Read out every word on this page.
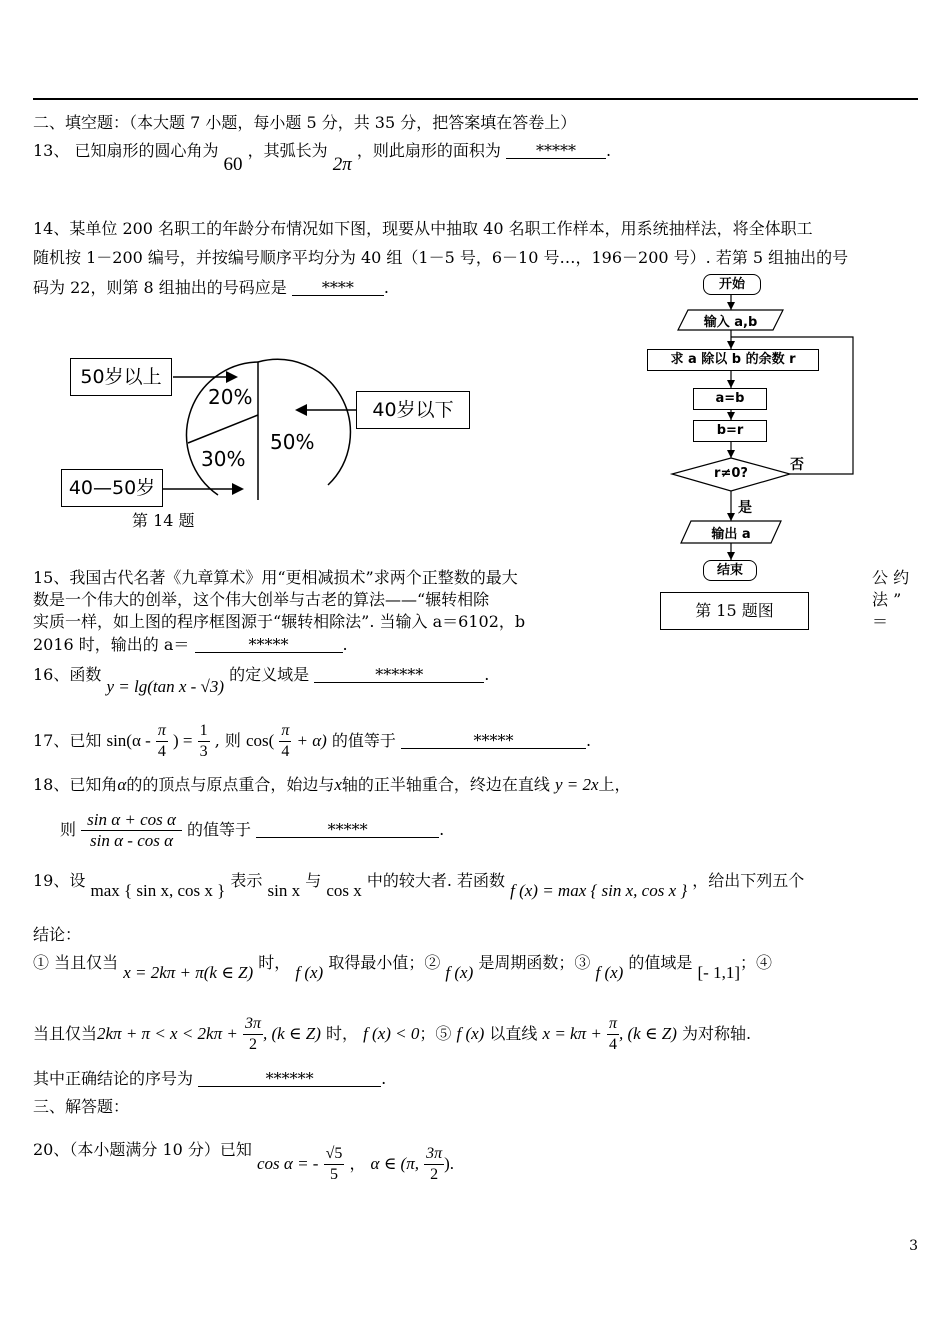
二、填空题：（本大题 7 小题，每小题 5 分，共 35 分，把答案填在答卷上）
13、 已知扇形的圆心角为 60 ，其弧长为 2π ，则此扇形的面积为 ***** .
14、某单位 200 名职工的年龄分布情况如下图，现要从中抽取 40 名职工作样本，用系统抽样法，将全体职工
随机按 1－200 编号，并按编号顺序平均分为 40 组（1－5 号，6－10 号…，196－200 号）. 若第 5 组抽出的号
码为 22，则第 8 组抽出的号码应是 **** .
50岁以上
40岁以下
40—50岁
20%
30%
50%
第 14 题
开始
输入 a,b
求 a 除以 b 的余数 r
a=b
b=r
r≠0?
否
是
输出 a
结束
第 15 题图
15、我国古代名著《九章算术》用“更相减损术”求两个正整数的最大	公 约
数是一个伟大的创举，这个伟大创举与古老的算法——“辗转相除	法 ”
实质一样，如上图的程序框图源于“辗转相除法”. 当输入 a＝6102，b	＝
2016 时，输出的 a＝	*****	.
16、函数 y = lg(tan x - √3) 的定义域是	******	.
17、已知 $\sin(\alpha - \frac{\pi}{4}$ ) = $\frac{1}{3}$ , 则 $\cos( \frac{\pi}{4} + \alpha)$ 的值等于	*****	.
18、已知角α的的顶点与原点重合，始边与x轴的正半轴重合，终边在直线 y = 2x上，
则 $\frac{\text{sin α + cos α}}{\text{sin α - cos α}}$ 的值等于	*****	.
19、设 max { sin x, cos x } 表示 sin x 与 cos x 中的较大者. 若函数 f (x) = max { sin x, cos x } ，给出下列五个
结论：
① 当且仅当 x = 2kπ + π(k ∈ Z) 时， f (x) 取得最小值；② f (x) 是周期函数；③ f (x) 的值域是 [- 1,1]；④
当且仅当$2k\pi + \pi < x < 2k\pi + \frac{3\pi}{2}$ , (k ∈ Z) 时， f (x) < 0；⑤ f (x) 以直线 $x = k\pi + \frac{\pi}{4}$ , (k ∈ Z) 为对称轴.
其中正确结论的序号为	******	.
三、解答题：
20、（本小题满分 10 分）已知 cos α = - $\frac{√5}{5}$ ， α ∈ (π, $\frac{3\pi}{2}$ ).
3
